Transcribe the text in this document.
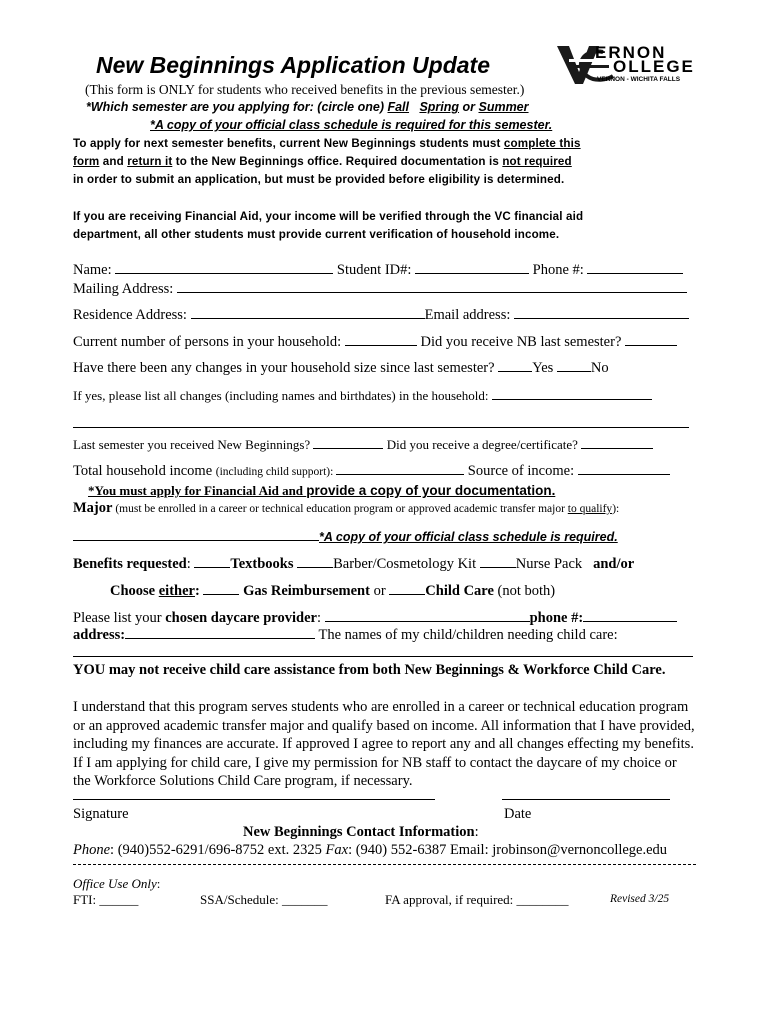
New Beginnings Application Update	ERNON
OLLEGE
VERNON - WICHITA FALLS
(This form is ONLY for students who received benefits in the previous semester.)
*Which semester are you applying for: (circle one) Fall Spring or Summer
*A copy of your official class schedule is required for this semester.
To apply for next semester benefits, current New Beginnings students must complete this
form and return it to the New Beginnings office. Required documentation is not required
in order to submit an application, but must be provided before eligibility is determined.
If you are receiving Financial Aid, your income will be verified through the VC financial aid
department, all other students must provide current verification of household income.
Name:	Student ID#:	Phone #:
Mailing Address:
Residence Address:	Email address:
Current number of persons in your household:	Did you receive NB last semester?
Have there been any changes in your household size since last semester? Yes No
If yes, please list all changes (including names and birthdates) in the household:
Last semester you received New Beginnings?	Did you receive a degree/certificate?
Total household income (including child support):	Source of income:
*You must apply for Financial Aid and provide a copy of your documentation.
Major (must be enrolled in a career or technical education program or approved academic transfer major to qualify):
*A copy of your official class schedule is required.
Benefits requested: Textbooks Barber/Cosmetology Kit Nurse Pack and/or
Choose either:	Gas Reimbursement or Child Care (not both)
Please list your chosen daycare provider:	phone #:
address:	The names of my child/children needing child care:
YOU may not receive child care assistance from both New Beginnings & Workforce Child Care.
I understand that this program serves students who are enrolled in a career or technical education program or an approved academic transfer major and qualify based on income. All information that I have provided, including my finances are accurate. If approved I agree to report any and all changes effecting my benefits. If I am applying for child care, I give my permission for NB staff to contact the daycare of my choice or the Workforce Solutions Child Care program, if necessary.
Signature	Date
New Beginnings Contact Information:
Phone: (940)552-6291/696-8752 ext. 2325 Fax: (940) 552-6387 Email: jrobinson@vernoncollege.edu
Office Use Only:
FTI: ______	SSA/Schedule: _______	FA approval, if required: ________	Revised 3/25
